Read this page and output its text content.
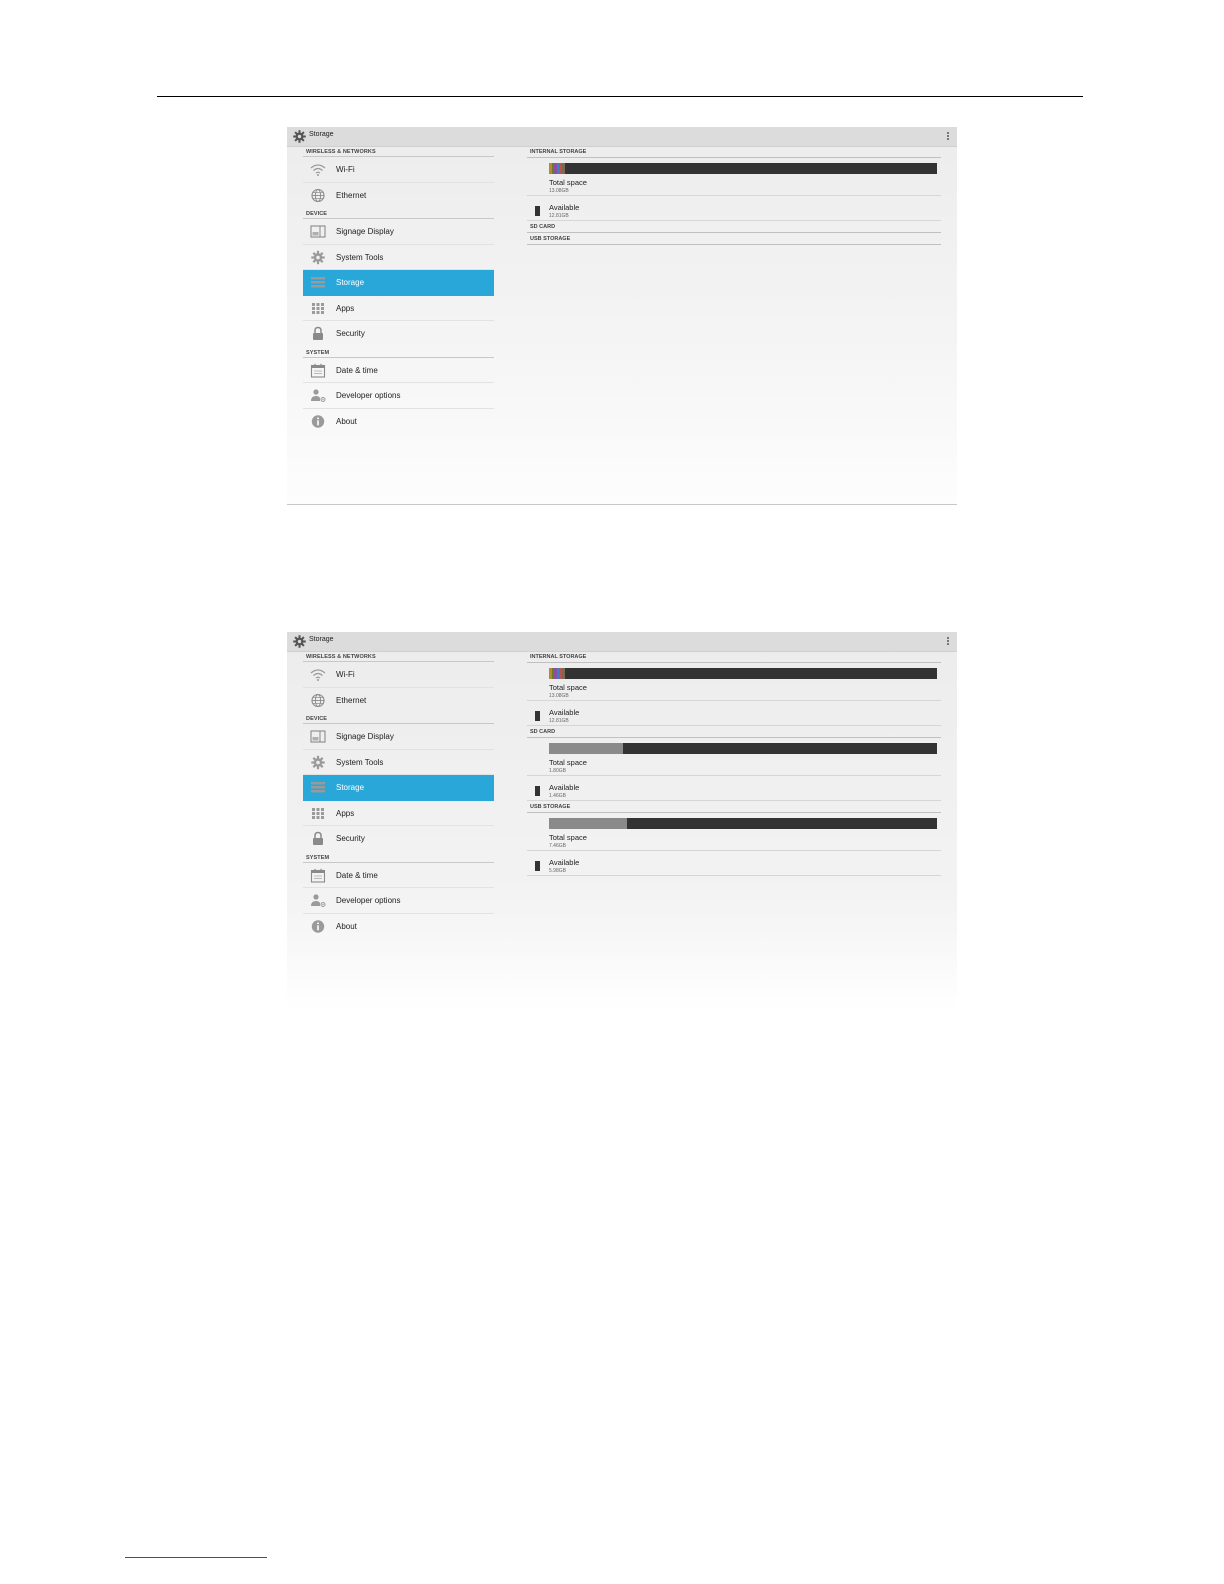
Storage
WIRELESS & NETWORKS
Wi-Fi
Ethernet
DEVICE
Signage Display
System Tools
Storage
Apps
Security
SYSTEM
Date & time
Developer options
About
INTERNAL STORAGE
Total space
13.08GB
Available
12.81GB
SD CARD
USB STORAGE
Storage
WIRELESS & NETWORKS
Wi-Fi
Ethernet
DEVICE
Signage Display
System Tools
Storage
Apps
Security
SYSTEM
Date & time
Developer options
About
INTERNAL STORAGE
Total space
13.08GB
Available
12.81GB
SD CARD
Total space
1.80GB
Available
1.46GB
USB STORAGE
Total space
7.46GB
Available
5.98GB
